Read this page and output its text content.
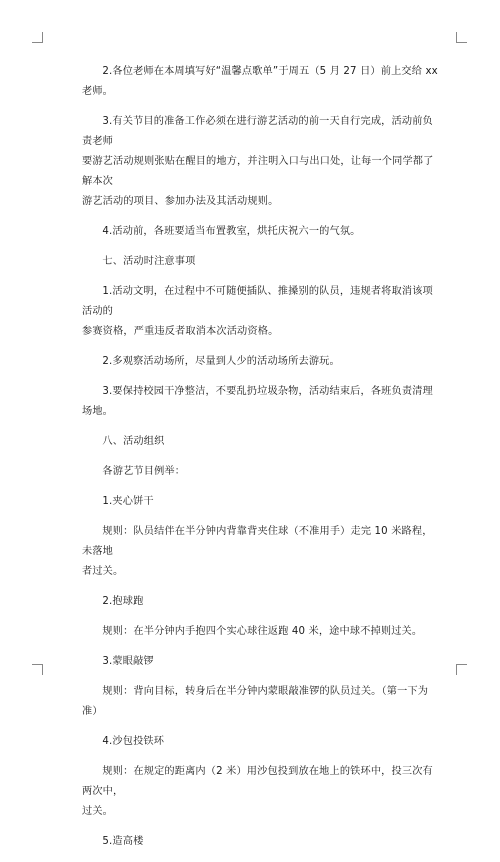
2.各位老师在本周填写好“温馨点歌单”于周五（5 月 27 日）前上交给 xx 老师。

3.有关节目的准备工作必须在进行游艺活动的前一天自行完成，活动前负责老师
要游艺活动规则张贴在醒目的地方，并注明入口与出口处，让每一个同学都了解本次
游艺活动的项目、参加办法及其活动规则。

4.活动前，各班要适当布置教室，烘托庆祝六一的气氛。

七、活动时注意事项

1.活动文明，在过程中不可随便插队、推搡别的队员，违规者将取消该项活动的
参赛资格，严重违反者取消本次活动资格。

2.多观察活动场所，尽量到人少的活动场所去游玩。

3.要保持校园干净整洁，不要乱扔垃圾杂物，活动结束后，各班负责清理场地。

八、活动组织

各游艺节目例举：

1.夹心饼干

规则：队员结伴在半分钟内背靠背夹住球（不准用手）走完 10 米路程，未落地
者过关。

2.抱球跑

规则：在半分钟内手抱四个实心球往返跑 40 米，途中球不掉则过关。

3.蒙眼敲锣

规则：背向目标，转身后在半分钟内蒙眼敲准锣的队员过关。（第一下为准）

4.沙包投铁环

规则：在规定的距离内（2 米）用沙包投到放在地上的铁环中，投三次有两次中，
过关。

5.造高楼
